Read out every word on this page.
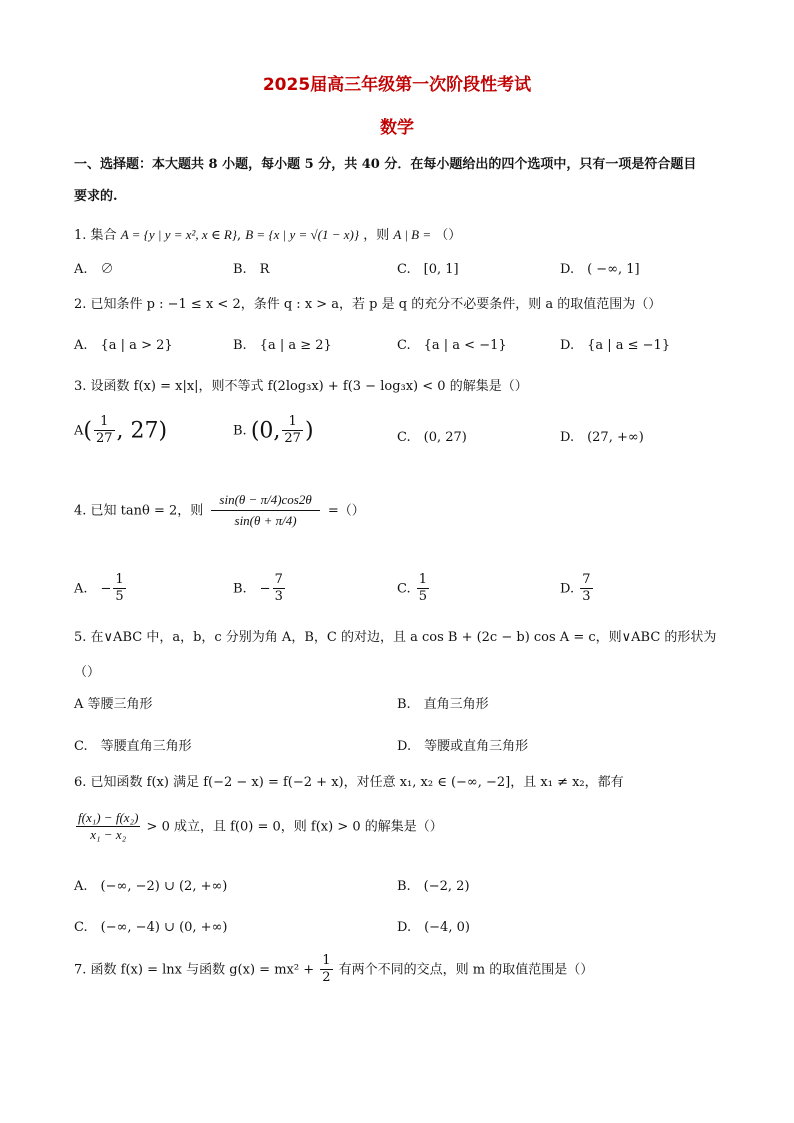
2025届高三年级第一次阶段性考试
数学
一、选择题：本大题共 8 小题，每小题 5 分，共 40 分．在每小题给出的四个选项中，只有一项是符合题目
要求的.
1. 集合 A = {y | y = x², x ∈ R}, B = {x | y = √(1 − x)} ，则 A | B = （）
A.　∅	B.　R	C.　[0, 1]	D.　( −∞, 1]
2. 已知条件 p : −1 ≤ x < 2，条件 q : x > a，若 p 是 q 的充分不必要条件，则 a 的取值范围为（）
A.　{a | a > 2}	B.　{a | a ≥ 2}	C.　{a | a < −1}	D.　{a | a ≤ −1}
3. 设函数 f(x) = x|x|，则不等式 f(2log₃x) + f(3 − log₃x) < 0 的解集是（）
$A( \frac{1}{27}$ , 27)	B. (0, $\frac{1}{27}$ )	C.　(0, 27)	D.　(27, +∞)
4. 已知 tanθ = 2，则 $\frac{\sin(\theta - \pi/4)\cos 2\theta}{\sin(\theta + \pi/4)}$ =（）
A.　− $\frac{1}{5}$	B.　− $\frac{7}{3}$	C. $\frac{1}{5}$	D. $\frac{7}{3}$
5. 在∨ABC 中，a，b，c 分别为角 A，B，C 的对边，且 a cos B + (2c − b) cos A = c，则∨ABC 的形状为
（）
A 等腰三角形	B.　直角三角形
C.　等腰直角三角形	D.　等腰或直角三角形
6. 已知函数 f(x) 满足 f(−2 − x) = f(−2 + x)，对任意 x₁, x₂ ∈ (−∞, −2]，且 x₁ ≠ x₂，都有
$\frac{\text{f(x₁) − f(x₂)}}{\text{x₁ − x₂}} > 0$ 成立，且 f(0) = 0，则 f(x) > 0 的解集是（）
A.　(−∞, −2) ∪ (2, +∞)	B.　(−2, 2)
C.　(−∞, −4) ∪ (0, +∞)	D.　(−4, 0)
7. 函数 f(x) = lnx 与函数 $g(x) = mx^2 + \frac{1}{2}$ 有两个不同的交点，则 m 的取值范围是（）
